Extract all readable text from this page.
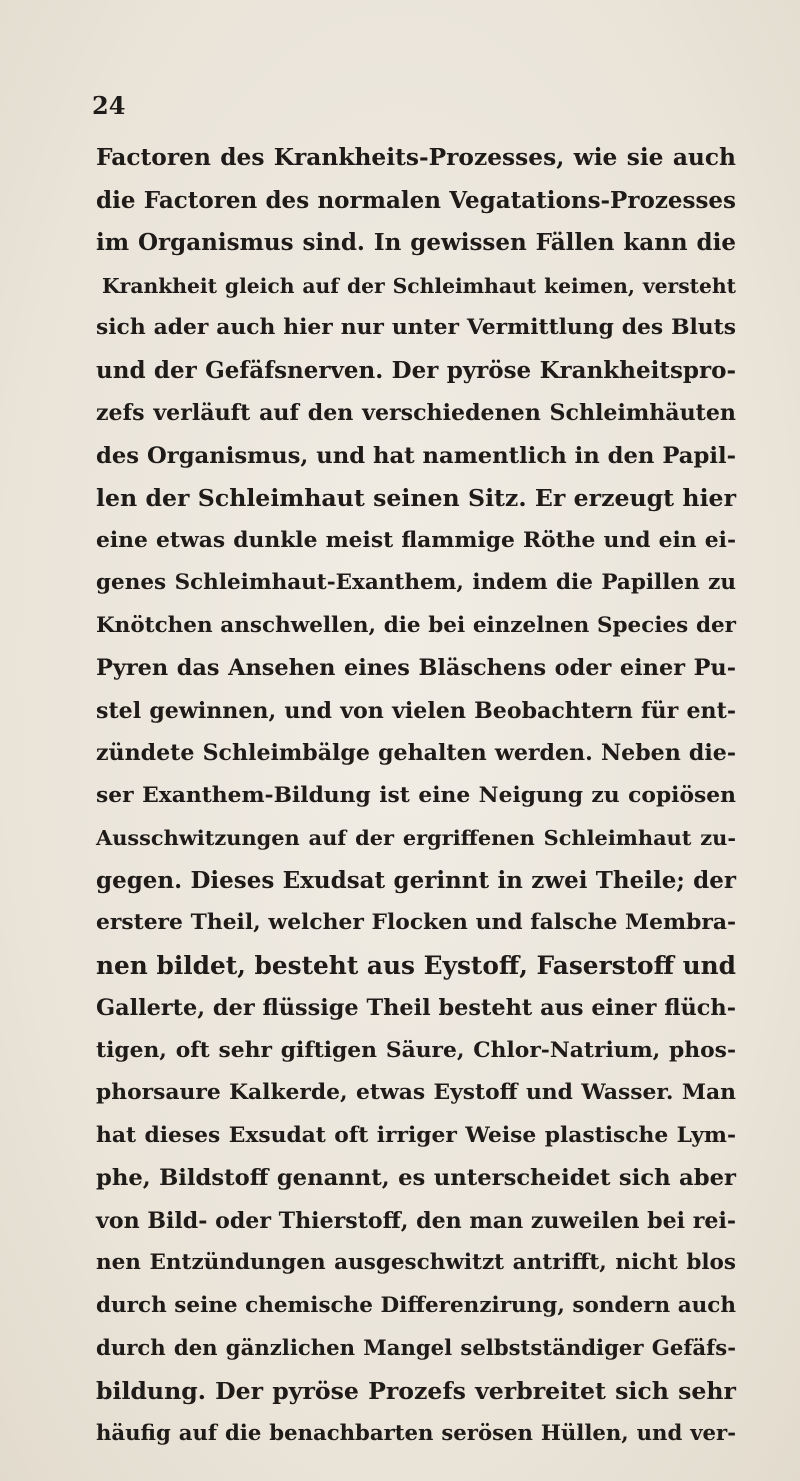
24
Factoren des Krankheits-Prozesses, wie sie auch
die Factoren des normalen Vegatations-Prozesses
im Organismus sind. In gewissen Fällen kann die
Krankheit gleich auf der Schleimhaut keimen, versteht
sich ader auch hier nur unter Vermittlung des Bluts
und der Gefäfsnerven. Der pyröse Krankheitspro-
zefs verläuft auf den verschiedenen Schleimhäuten
des Organismus, und hat namentlich in den Papil-
len der Schleimhaut seinen Sitz. Er erzeugt hier
eine etwas dunkle meist flammige Röthe und ein ei-
genes Schleimhaut-Exanthem, indem die Papillen zu
Knötchen anschwellen, die bei einzelnen Species der
Pyren das Ansehen eines Bläschens oder einer Pu-
stel gewinnen, und von vielen Beobachtern für ent-
zündete Schleimbälge gehalten werden. Neben die-
ser Exanthem-Bildung ist eine Neigung zu copiösen
Ausschwitzungen auf der ergriffenen Schleimhaut zu-
gegen. Dieses Exudsat gerinnt in zwei Theile; der
erstere Theil, welcher Flocken und falsche Membra-
nen bildet, besteht aus Eystoff, Faserstoff und
Gallerte, der flüssige Theil besteht aus einer flüch-
tigen, oft sehr giftigen Säure, Chlor-Natrium, phos-
phorsaure Kalkerde, etwas Eystoff und Wasser. Man
hat dieses Exsudat oft irriger Weise plastische Lym-
phe, Bildstoff genannt, es unterscheidet sich aber
von Bild- oder Thierstoff, den man zuweilen bei rei-
nen Entzündungen ausgeschwitzt antrifft, nicht blos
durch seine chemische Differenzirung, sondern auch
durch den gänzlichen Mangel selbstständiger Gefäfs-
bildung. Der pyröse Prozefs verbreitet sich sehr
häufig auf die benachbarten serösen Hüllen, und ver-
